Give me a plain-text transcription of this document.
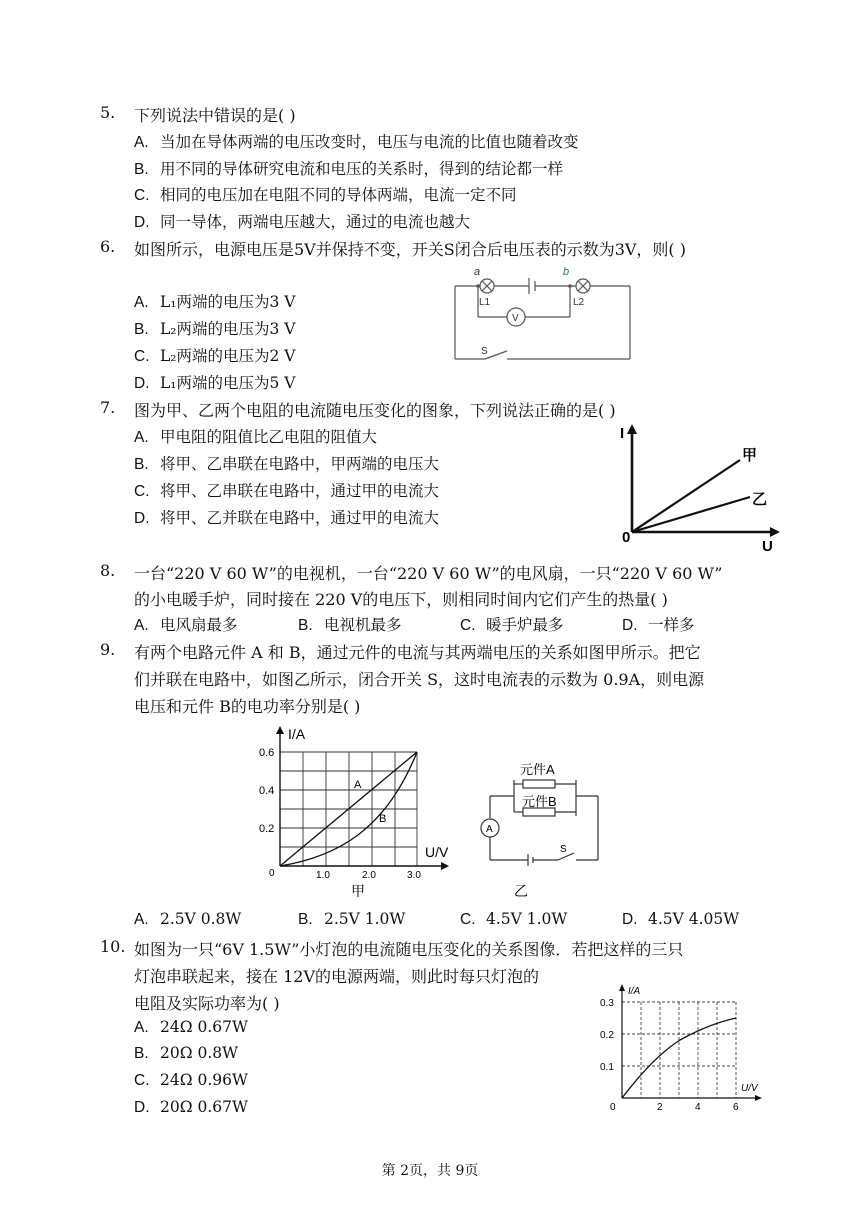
5. 下列说法中错误的是( )
A. 当加在导体两端的电压改变时，电压与电流的比值也随着改变
B. 用不同的导体研究电流和电压的关系时，得到的结论都一样
C. 相同的电压加在电阻不同的导体两端，电流一定不同
D. 同一导体，两端电压越大，通过的电流也越大
6. 如图所示，电源电压是5V并保持不变，开关S闭合后电压表的示数为3V，则( )
A. L₁两端的电压为3 V
B. L₂两端的电压为3 V
C. L₂两端的电压为2 V
D. L₁两端的电压为5 V
a	b
L1	L2
V
S
7. 图为甲、乙两个电阻的电流随电压变化的图象，下列说法正确的是( )
A. 甲电阻的阻值比乙电阻的阻值大
B. 将甲、乙串联在电路中，甲两端的电压大
C. 将甲、乙串联在电路中，通过甲的电流大
D. 将甲、乙并联在电路中，通过甲的电流大
I
U
0
甲
乙
8. 一台“220 V 60 W”的电视机，一台“220 V 60 W”的电风扇，一只“220 V 60 W”
的小电暖手炉，同时接在 220 V的电压下，则相同时间内它们产生的热量( )
A. 电风扇最多	B. 电视机最多	C. 暖手炉最多	D. 一样多
9. 有两个电路元件 A 和 B，通过元件的电流与其两端电压的关系如图甲所示。把它
们并联在电路中，如图乙所示，闭合开关 S，这时电流表的示数为 0.9A，则电源
电压和元件 B的电功率分别是( )
I/A
U/V
0
0.2
0.4
0.6
1.0	2.0	3.0
A
B
甲
元件A
元件B
A
S
乙
A. 2.5V 0.8W	B. 2.5V 1.0W	C. 4.5V 1.0W	D. 4.5V 4.05W
10. 如图为一只“6V 1.5W”小灯泡的电流随电压变化的关系图像．若把这样的三只
灯泡串联起来，接在 12V的电源两端，则此时每只灯泡的
电阻及实际功率为( )
A. 24Ω 0.67W
B. 20Ω 0.8W
C. 24Ω 0.96W
D. 20Ω 0.67W
I/A
U/V
0
0.1
0.2
0.3
2	4	6
第 2页，共 9页
